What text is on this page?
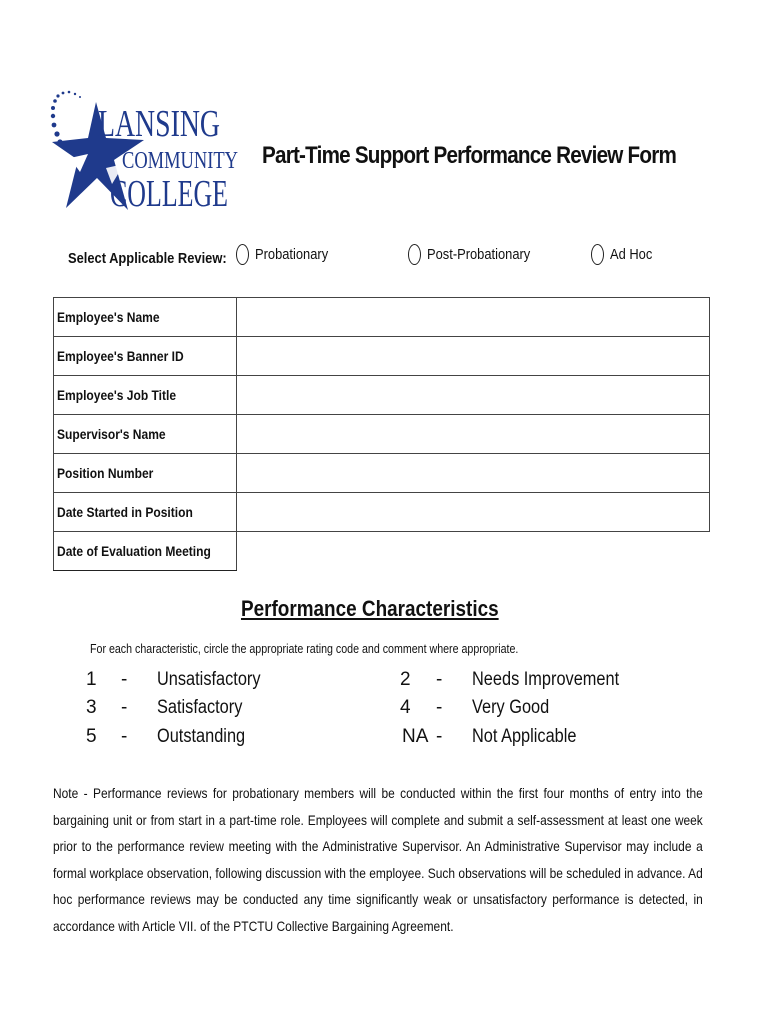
LANSING
COMMUNITY
COLLEGE
Part-Time Support Performance Review Form
Select Applicable Review: Probationary	Post-Probationary	Ad Hoc
Employee's Name	
Employee's Banner ID	
Employee's Job Title	
Supervisor's Name	
Position Number	
Date Started in Position	
Date of Evaluation Meeting	
Performance Characteristics
For each characteristic, circle the appropriate rating code and comment where appropriate.
1 - Unsatisfactory	2 - Needs Improvement
3 - Satisfactory	4 - Very Good
5 - Outstanding	NA - Not Applicable
Note - Performance reviews for probationary members will be conducted within the first four months of entry into the bargaining unit or from start in a part-time role. Employees will complete and submit a self-assessment at least one week prior to the performance review meeting with the Administrative Supervisor. An Administrative Supervisor may include a formal workplace observation, following discussion with the employee. Such observations will be scheduled in advance. Ad hoc performance reviews may be conducted any time significantly weak or unsatisfactory performance is detected, in accordance with Article VII. of the PTCTU Collective Bargaining Agreement.
